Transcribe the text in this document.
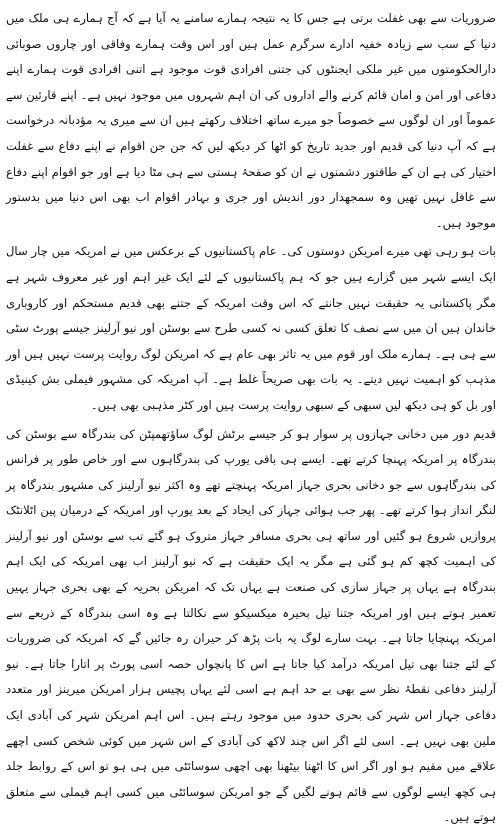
ضروریات سے بھی غفلت برتی ہے جس کا یہ نتیجہ ہمارے سامنے یہ آیا ہے کہ آج ہمارے ہی ملک میں دنیا کے سب سے زیادہ خفیہ ادارے سرگرم عمل ہیں اور اس وقت ہمارے وفاقی اور چاروں صوبائی دارالحکومتوں میں غیر ملکی ایجنٹوں کی جتنی افرادی قوت موجود ہے اتنی افرادی قوت ہمارے اپنے دفاعی اور امن و امان قائم کرنے والے اداروں کی ان اہم شہروں میں موجود نہیں ہے۔ اپنے قارئین سے عموماً اور ان لوگوں سے خصوصاً جو میرے ساتھ اختلاف رکھتے ہیں ان سے میری یہ مؤدبانہ درخواست ہے کہ آپ دنیا کی قدیم اور جدید تاریخ کو اٹھا کر دیکھ لیں کہ جن جن اقوام نے اپنے دفاع سے غفلت اختیار کی ہے ان کے طاقتور دشمنوں نے ان کو صفحۂ ہستی سے ہی مٹا دیا ہے اور جو اقوام اپنے دفاع سے غافل نہیں تھیں وہ سمجھدار دور اندیش اور جری و بہادر اقوام اب بھی اس دنیا میں بدستور موجود ہیں۔

بات ہو رہی تھی میرے امریکن دوستوں کی۔ عام پاکستانیوں کے برعکس میں نے امریکہ میں چار سال ایک ایسے شہر میں گزارے ہیں جو کہ ہم پاکستانیوں کے لئے ایک غیر اہم اور غیر معروف شہر ہے مگر پاکستانی یہ حقیقت نہیں جانتے کہ اس وقت امریکہ کے جتنے بھی قدیم مستحکم اور کاروباری خاندان ہیں ان میں سے نصف کا تعلق کسی نہ کسی طرح سے بوسٹن اور نیو آرلینز جیسے پورٹ سٹی سے ہی ہے۔ ہمارے ملک اور قوم میں یہ تاثر بھی عام ہے کہ امریکن لوگ روایت پرست نہیں ہیں اور مذہب کو اہمیت نہیں دیتے۔ یہ بات بھی صریحاً غلط ہے۔ آپ امریکہ کی مشہور فیملی بش کینیڈی اور بل کو ہی دیکھ لیں سبھی کے سبھی روایت پرست ہیں اور کٹر مذہبی بھی ہیں۔

قدیم دور میں دخانی جہازوں پر سوار ہو کر جیسے برٹش لوگ ساؤتھمپٹن کی بندرگاہ سے بوسٹن کی بندرگاہ پر امریکہ پہنچا کرتے تھے۔ ایسے ہی باقی یورپ کی بندرگاہوں سے اور خاص طور پر فرانس کی بندرگاہوں سے جو دخانی بحری جہاز امریکہ پہنچتے تھے وہ اکثر نیو آرلینز کی مشہور بندرگاہ پر لنگر انداز ہوا کرتے تھے۔ پھر جب ہوائی جہاز کی ایجاد کے بعد یورپ اور امریکہ کے درمیان پین اٹلانٹک پروازیں شروع ہو گئیں اور ساتھ ہی بحری مسافر جہاز متروک ہو گئے تب سے بوسٹن اور نیو آرلینز کی اہمیت کچھ کم ہو گئی ہے مگر یہ ایک حقیقت ہے کہ نیو آرلینز اب بھی امریکہ کی ایک اہم بندرگاہ ہے یہاں پر جہاز سازی کی صنعت ہے یہاں تک کہ امریکن بحریہ کے بھی بحری جہاز یہیں تعمیر ہوتے ہیں اور امریکہ جتنا تیل بحیرہ میکسیکو سے نکالتا ہے وہ اسی بندرگاہ کے ذریعے سے امریکہ پہنچایا جاتا ہے۔ بہت سارے لوگ یہ بات پڑھ کر حیران رہ جائیں گے کہ امریکہ کی ضروریات کے لئے جتنا بھی تیل امریکہ درآمد کیا جاتا ہے اس کا پانچواں حصہ اسی پورٹ پر اتارا جاتا ہے۔ نیو آرلینز دفاعی نقطۂ نظر سے بھی بے حد اہم ہے اسی لئے یہاں پچیس ہزار امریکن میرینز اور متعدد دفاعی جہاز اس شہر کی بحری حدود میں موجود رہتے ہیں۔ اس اہم امریکن شہر کی آبادی ایک ملین بھی نہیں ہے۔ اسی لئے اگر اس چند لاکھ کی آبادی کے اس شہر میں کوئی شخص کسی اچھے علاقے میں مقیم ہو اور اگر اس کا اٹھنا بیٹھنا بھی اچھی سوسائٹی میں ہی ہو تو اس کے روابط جلد ہی کچھ ایسے لوگوں سے قائم ہونے لگیں گے جو امریکن سوسائٹی میں کسی اہم فیملی سے متعلق ہوتے ہیں۔
